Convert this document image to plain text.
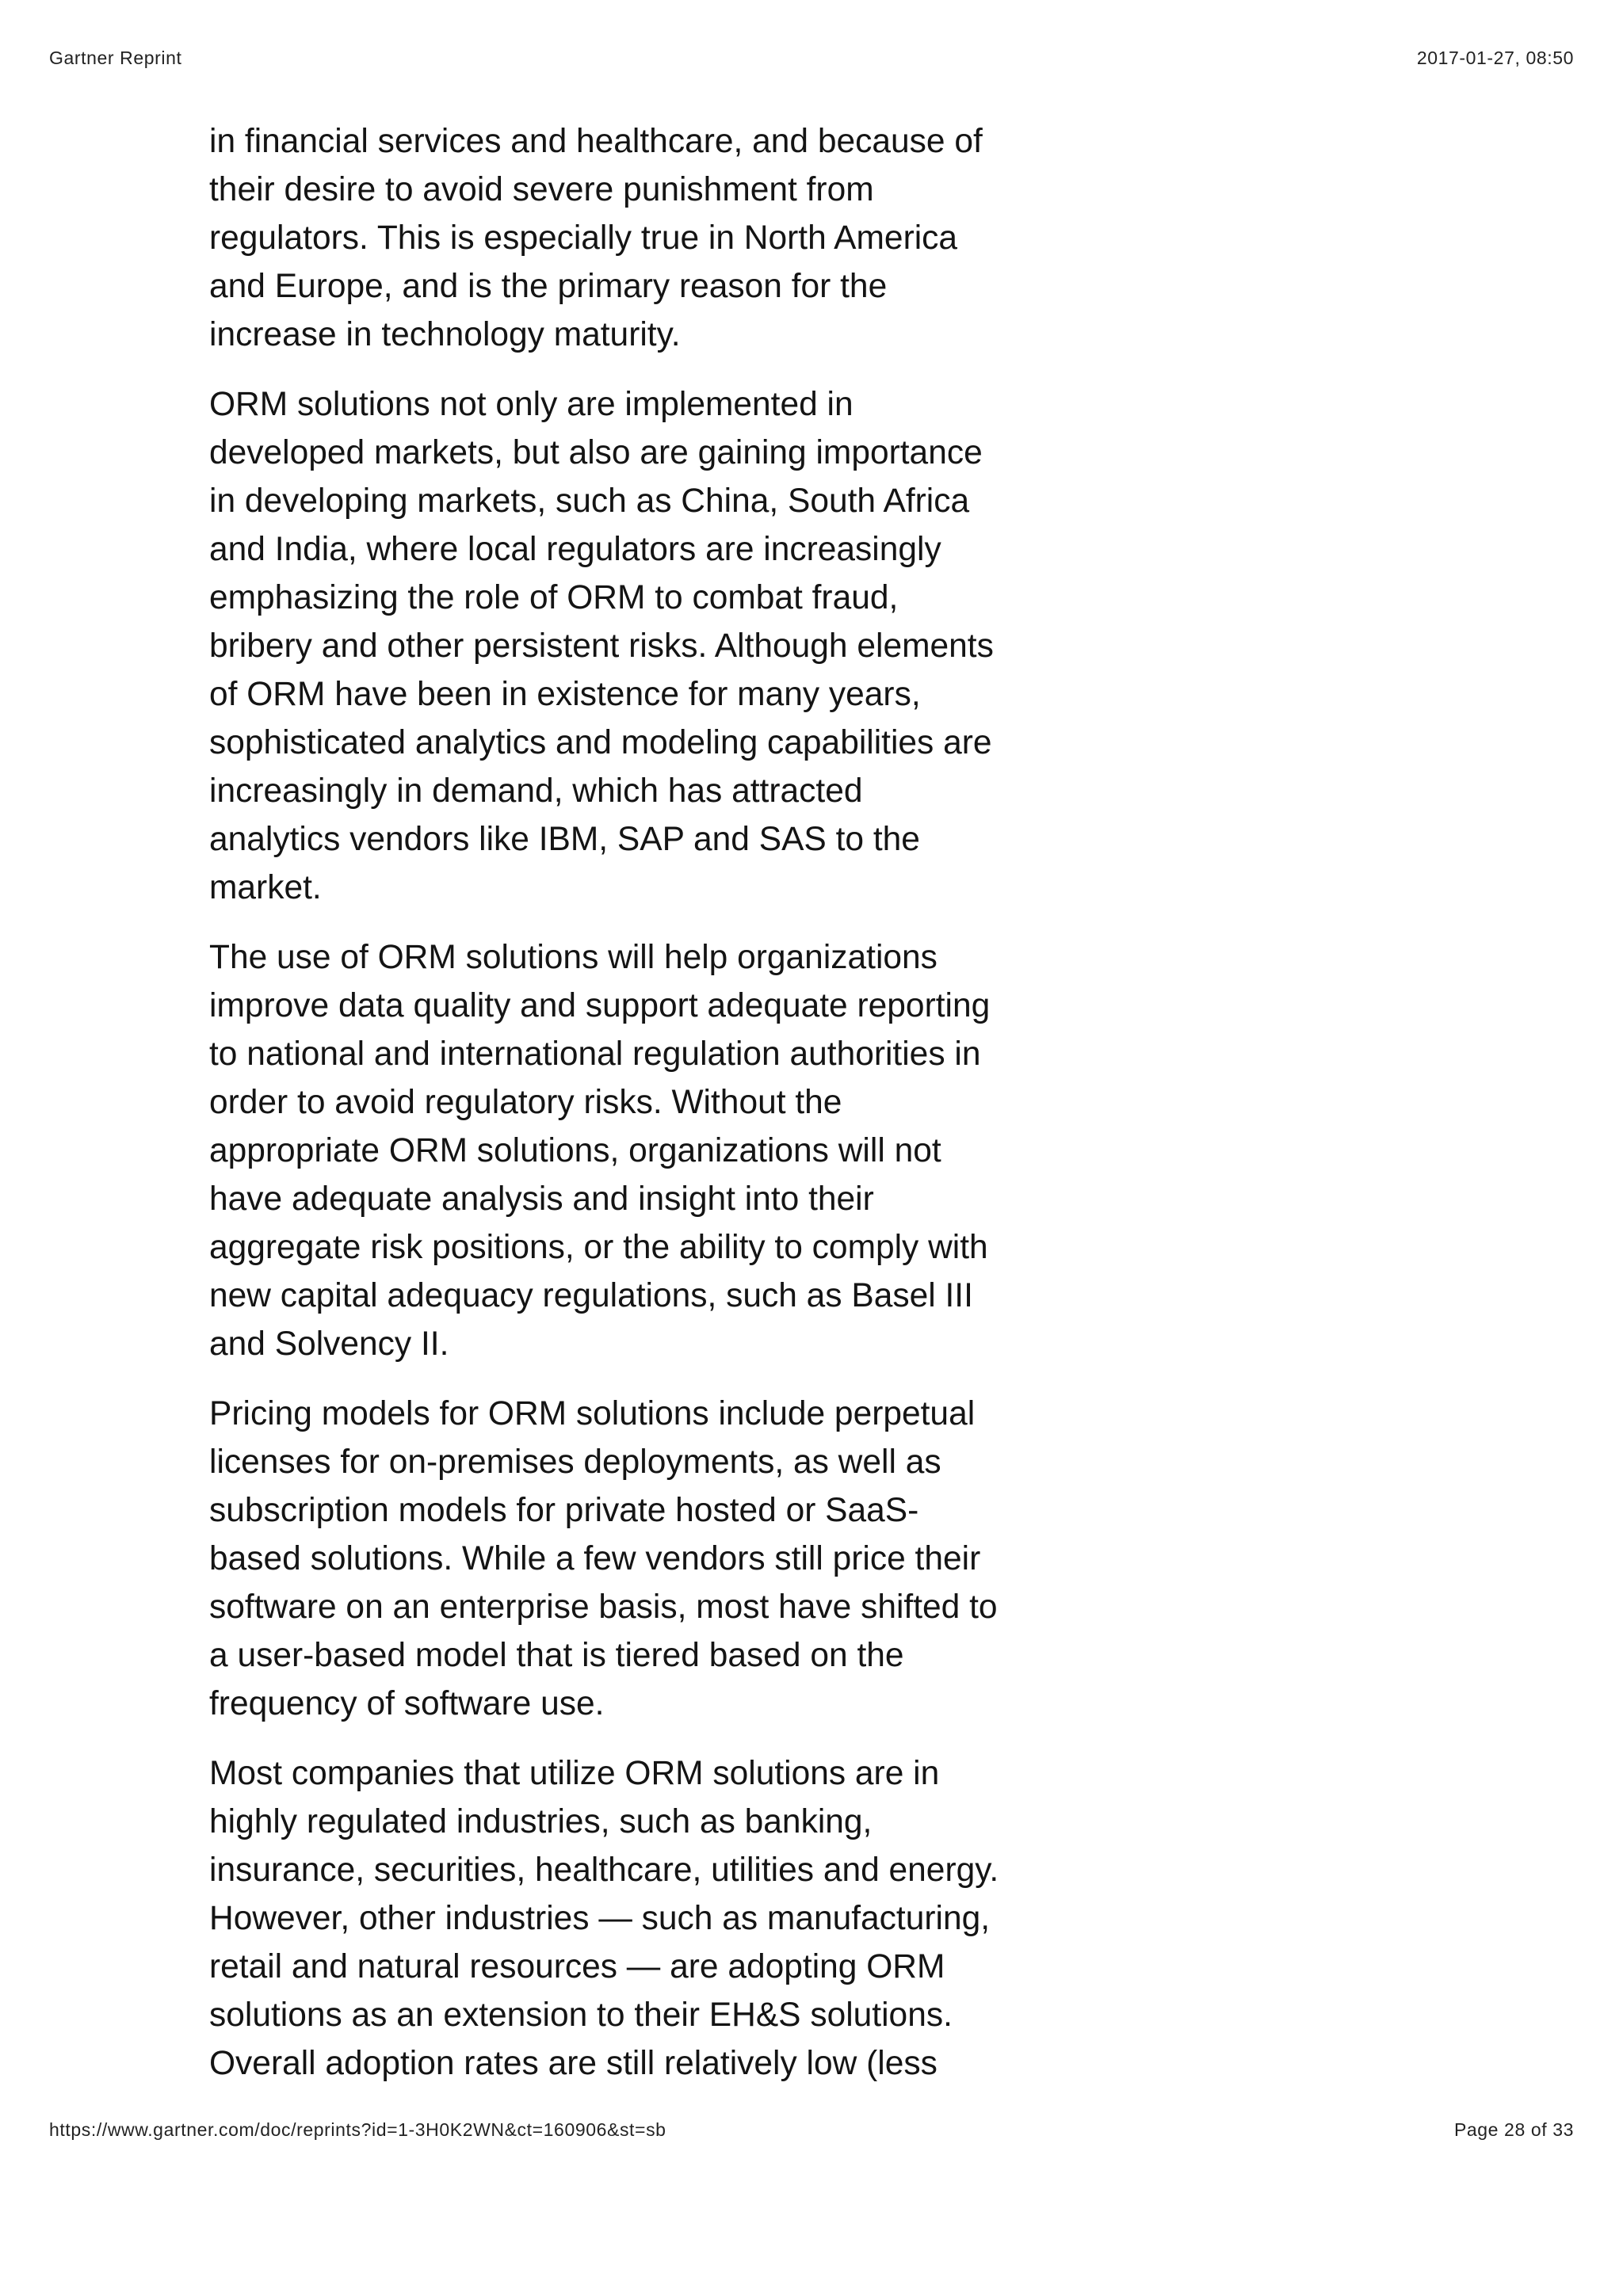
Gartner Reprint	2017-01-27, 08:50

in financial services and healthcare, and because of
their desire to avoid severe punishment from
regulators. This is especially true in North America
and Europe, and is the primary reason for the
increase in technology maturity.

ORM solutions not only are implemented in
developed markets, but also are gaining importance
in developing markets, such as China, South Africa
and India, where local regulators are increasingly
emphasizing the role of ORM to combat fraud,
bribery and other persistent risks. Although elements
of ORM have been in existence for many years,
sophisticated analytics and modeling capabilities are
increasingly in demand, which has attracted
analytics vendors like IBM, SAP and SAS to the
market.

The use of ORM solutions will help organizations
improve data quality and support adequate reporting
to national and international regulation authorities in
order to avoid regulatory risks. Without the
appropriate ORM solutions, organizations will not
have adequate analysis and insight into their
aggregate risk positions, or the ability to comply with
new capital adequacy regulations, such as Basel III
and Solvency II.

Pricing models for ORM solutions include perpetual
licenses for on-premises deployments, as well as
subscription models for private hosted or SaaS-
based solutions. While a few vendors still price their
software on an enterprise basis, most have shifted to
a user-based model that is tiered based on the
frequency of software use.

Most companies that utilize ORM solutions are in
highly regulated industries, such as banking,
insurance, securities, healthcare, utilities and energy.
However, other industries — such as manufacturing,
retail and natural resources — are adopting ORM
solutions as an extension to their EH&S solutions.
Overall adoption rates are still relatively low (less

https://www.gartner.com/doc/reprints?id=1-3H0K2WN&ct=160906&st=sb	Page 28 of 33
